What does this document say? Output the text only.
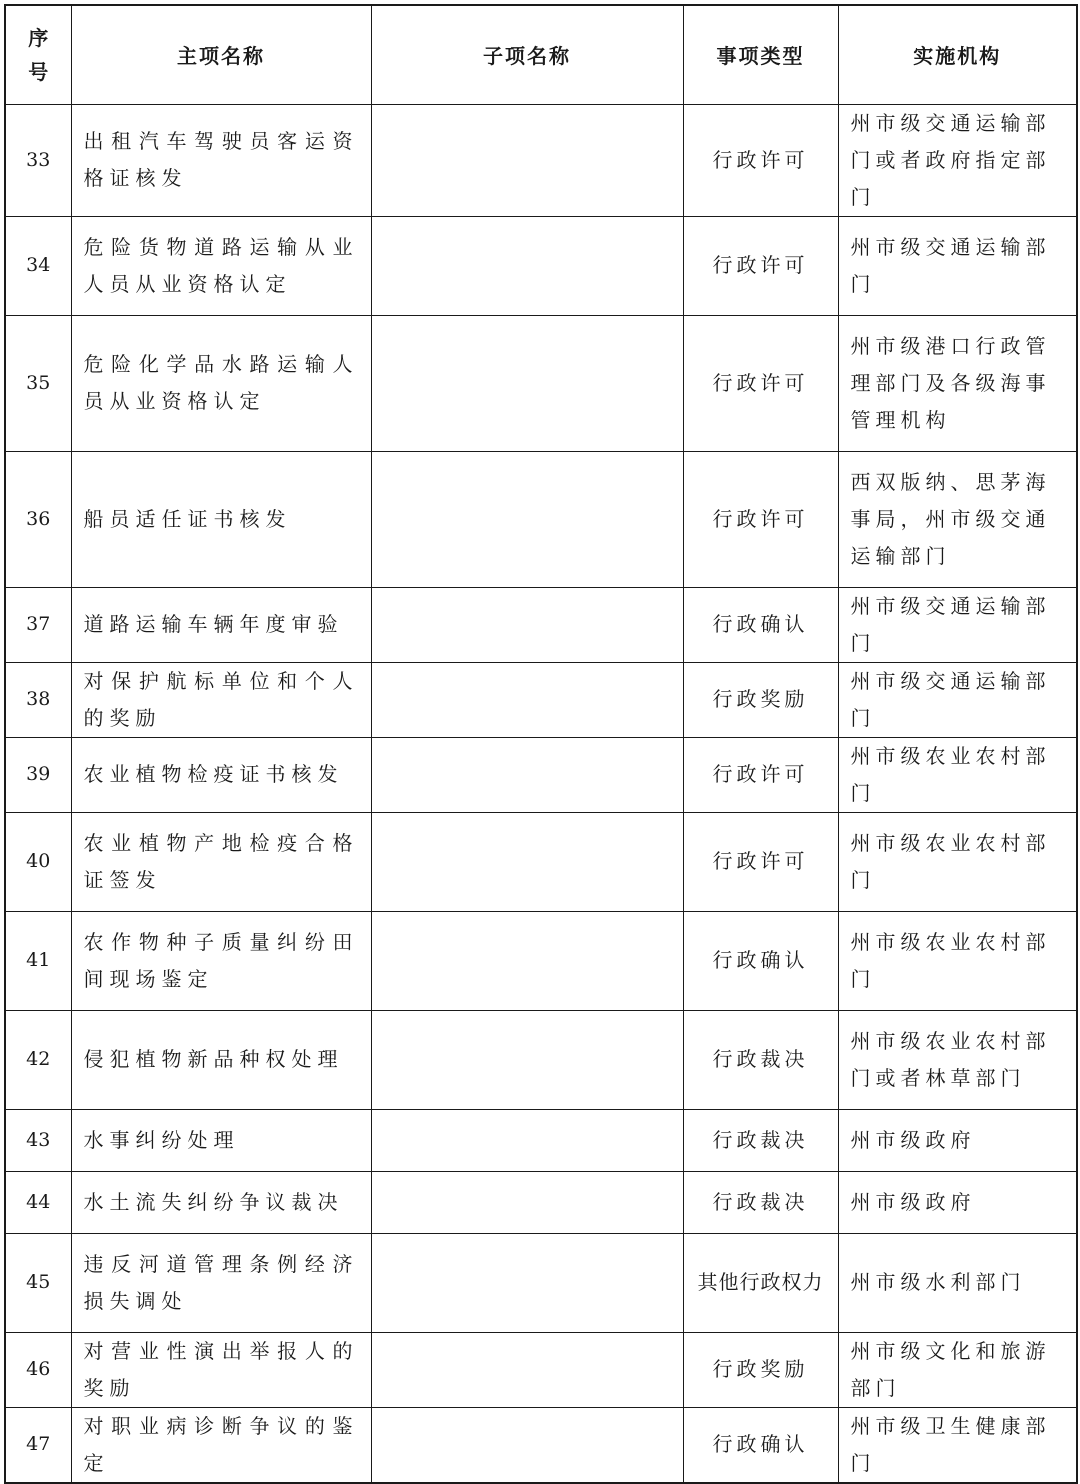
序
号	主项名称	子项名称	事项类型	实施机构
33	出租汽车驾驶员客运资格证核发		行政许可	州市级交通运输部门或者政府指定部门
34	危险货物道路运输从业人员从业资格认定		行政许可	州市级交通运输部门
35	危险化学品水路运输人员从业资格认定		行政许可	州市级港口行政管理部门及各级海事管理机构
36	船员适任证书核发		行政许可	西双版纳、思茅海事局，州市级交通运输部门
37	道路运输车辆年度审验		行政确认	州市级交通运输部门
38	对保护航标单位和个人的奖励		行政奖励	州市级交通运输部门
39	农业植物检疫证书核发		行政许可	州市级农业农村部门
40	农业植物产地检疫合格证签发		行政许可	州市级农业农村部门
41	农作物种子质量纠纷田间现场鉴定		行政确认	州市级农业农村部门
42	侵犯植物新品种权处理		行政裁决	州市级农业农村部门或者林草部门
43	水事纠纷处理		行政裁决	州市级政府
44	水土流失纠纷争议裁决		行政裁决	州市级政府
45	违反河道管理条例经济损失调处		其他行政权力	州市级水利部门
46	对营业性演出举报人的奖励		行政奖励	州市级文化和旅游部门
47	对职业病诊断争议的鉴定		行政确认	州市级卫生健康部门
